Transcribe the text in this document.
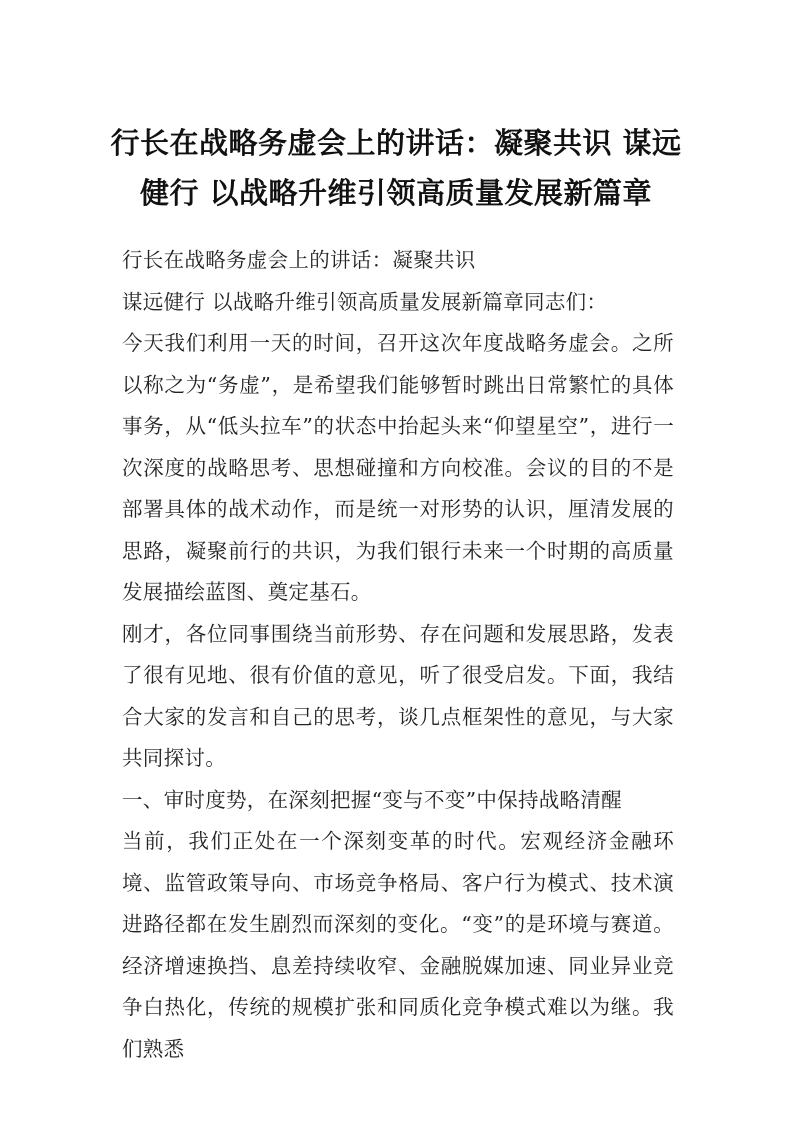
行长在战略务虚会上的讲话：凝聚共识 谋远健行 以战略升维引领高质量发展新篇章

行长在战略务虚会上的讲话：凝聚共识

谋远健行 以战略升维引领高质量发展新篇章同志们：

今天我们利用一天的时间，召开这次年度战略务虚会。之所以称之为“务虚”，是希望我们能够暂时跳出日常繁忙的具体事务，从“低头拉车”的状态中抬起头来“仰望星空”，进行一次深度的战略思考、思想碰撞和方向校准。会议的目的不是部署具体的战术动作，而是统一对形势的认识，厘清发展的思路，凝聚前行的共识，为我们银行未来一个时期的高质量发展描绘蓝图、奠定基石。

刚才，各位同事围绕当前形势、存在问题和发展思路，发表了很有见地、很有价值的意见，听了很受启发。下面，我结合大家的发言和自己的思考，谈几点框架性的意见，与大家共同探讨。

一、审时度势，在深刻把握“变与不变”中保持战略清醒

当前，我们正处在一个深刻变革的时代。宏观经济金融环境、监管政策导向、市场竞争格局、客户行为模式、技术演进路径都在发生剧烈而深刻的变化。“变”的是环境与赛道。经济增速换挡、息差持续收窄、金融脱媒加速、同业异业竞争白热化，传统的规模扩张和同质化竞争模式难以为继。我们熟悉
